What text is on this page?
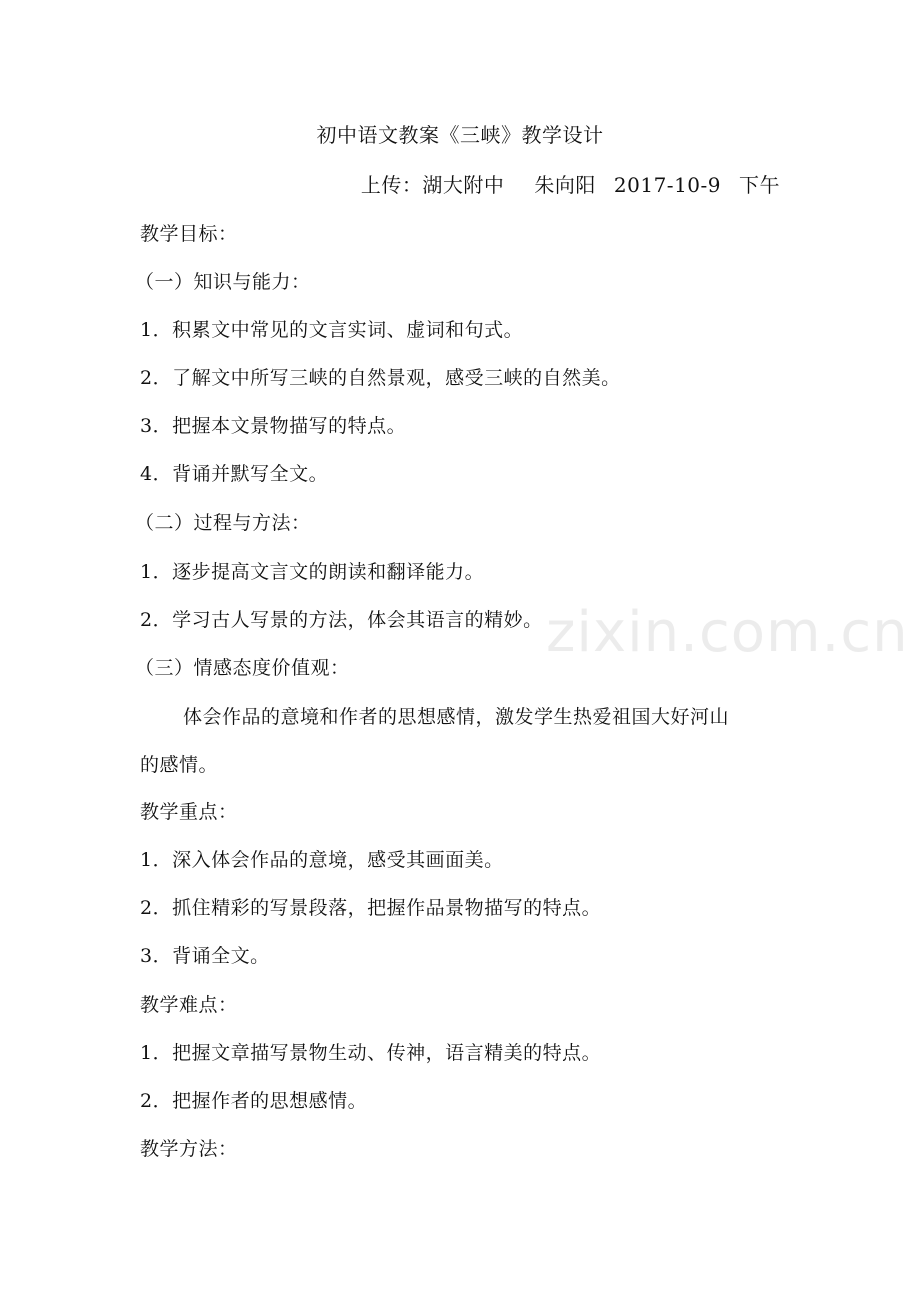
初中语文教案《三峡》教学设计
上传：湖大附中 朱向阳 2017-10-9 下午
教学目标：
（一）知识与能力：
1．积累文中常见的文言实词、虚词和句式。
2．了解文中所写三峡的自然景观，感受三峡的自然美。
3．把握本文景物描写的特点。
4．背诵并默写全文。
（二）过程与方法：
1．逐步提高文言文的朗读和翻译能力。
2．学习古人写景的方法，体会其语言的精妙。
（三）情感态度价值观：
体会作品的意境和作者的思想感情，激发学生热爱祖国大好河山
的感情。
教学重点：
1．深入体会作品的意境，感受其画面美。
2．抓住精彩的写景段落，把握作品景物描写的特点。
3．背诵全文。
教学难点：
1．把握文章描写景物生动、传神，语言精美的特点。
2．把握作者的思想感情。
教学方法：
zixin.com.cn
